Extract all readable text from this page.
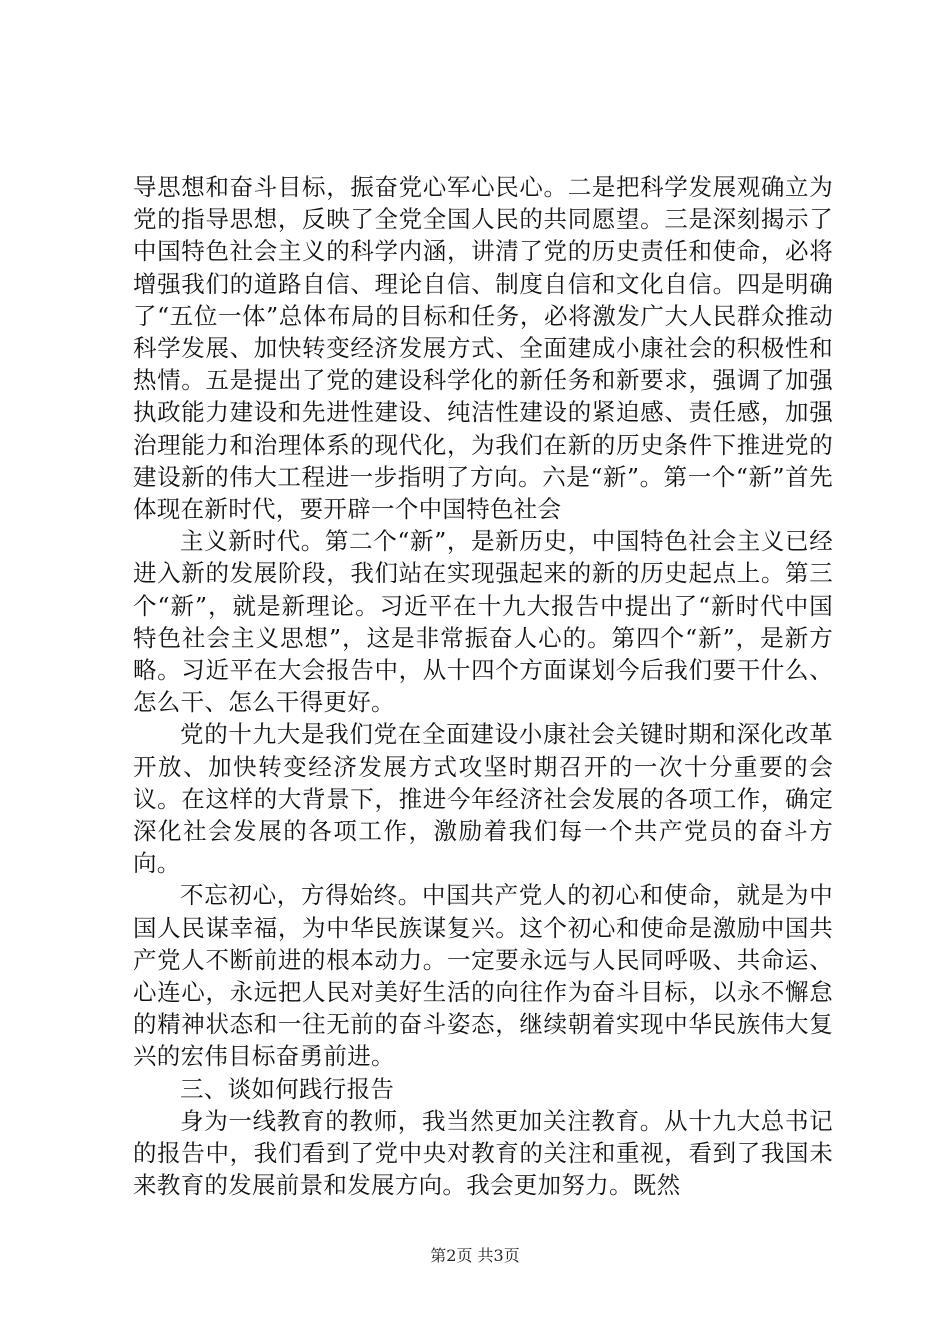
导思想和奋斗目标，振奋党心军心民心。二是把科学发展观确立为党的指导思想，反映了全党全国人民的共同愿望。三是深刻揭示了中国特色社会主义的科学内涵，讲清了党的历史责任和使命，必将增强我们的道路自信、理论自信、制度自信和文化自信。四是明确了“五位一体”总体布局的目标和任务，必将激发广大人民群众推动科学发展、加快转变经济发展方式、全面建成小康社会的积极性和热情。五是提出了党的建设科学化的新任务和新要求，强调了加强执政能力建设和先进性建设、纯洁性建设的紧迫感、责任感，加强治理能力和治理体系的现代化，为我们在新的历史条件下推进党的建设新的伟大工程进一步指明了方向。六是“新”。第一个“新”首先体现在新时代，要开辟一个中国特色社会

主义新时代。第二个“新”，是新历史，中国特色社会主义已经进入新的发展阶段，我们站在实现强起来的新的历史起点上。第三个“新”，就是新理论。习近平在十九大报告中提出了“新时代中国特色社会主义思想”，这是非常振奋人心的。第四个“新”，是新方略。习近平在大会报告中，从十四个方面谋划今后我们要干什么、怎么干、怎么干得更好。

党的十九大是我们党在全面建设小康社会关键时期和深化改革开放、加快转变经济发展方式攻坚时期召开的一次十分重要的会议。在这样的大背景下，推进今年经济社会发展的各项工作，确定深化社会发展的各项工作，激励着我们每一个共产党员的奋斗方向。

不忘初心，方得始终。中国共产党人的初心和使命，就是为中国人民谋幸福，为中华民族谋复兴。这个初心和使命是激励中国共产党人不断前进的根本动力。一定要永远与人民同呼吸、共命运、心连心，永远把人民对美好生活的向往作为奋斗目标，以永不懈怠的精神状态和一往无前的奋斗姿态，继续朝着实现中华民族伟大复兴的宏伟目标奋勇前进。

三、谈如何践行报告

身为一线教育的教师，我当然更加关注教育。从十九大总书记的报告中，我们看到了党中央对教育的关注和重视，看到了我国未来教育的发展前景和发展方向。我会更加努力。既然

第2页 共3页
